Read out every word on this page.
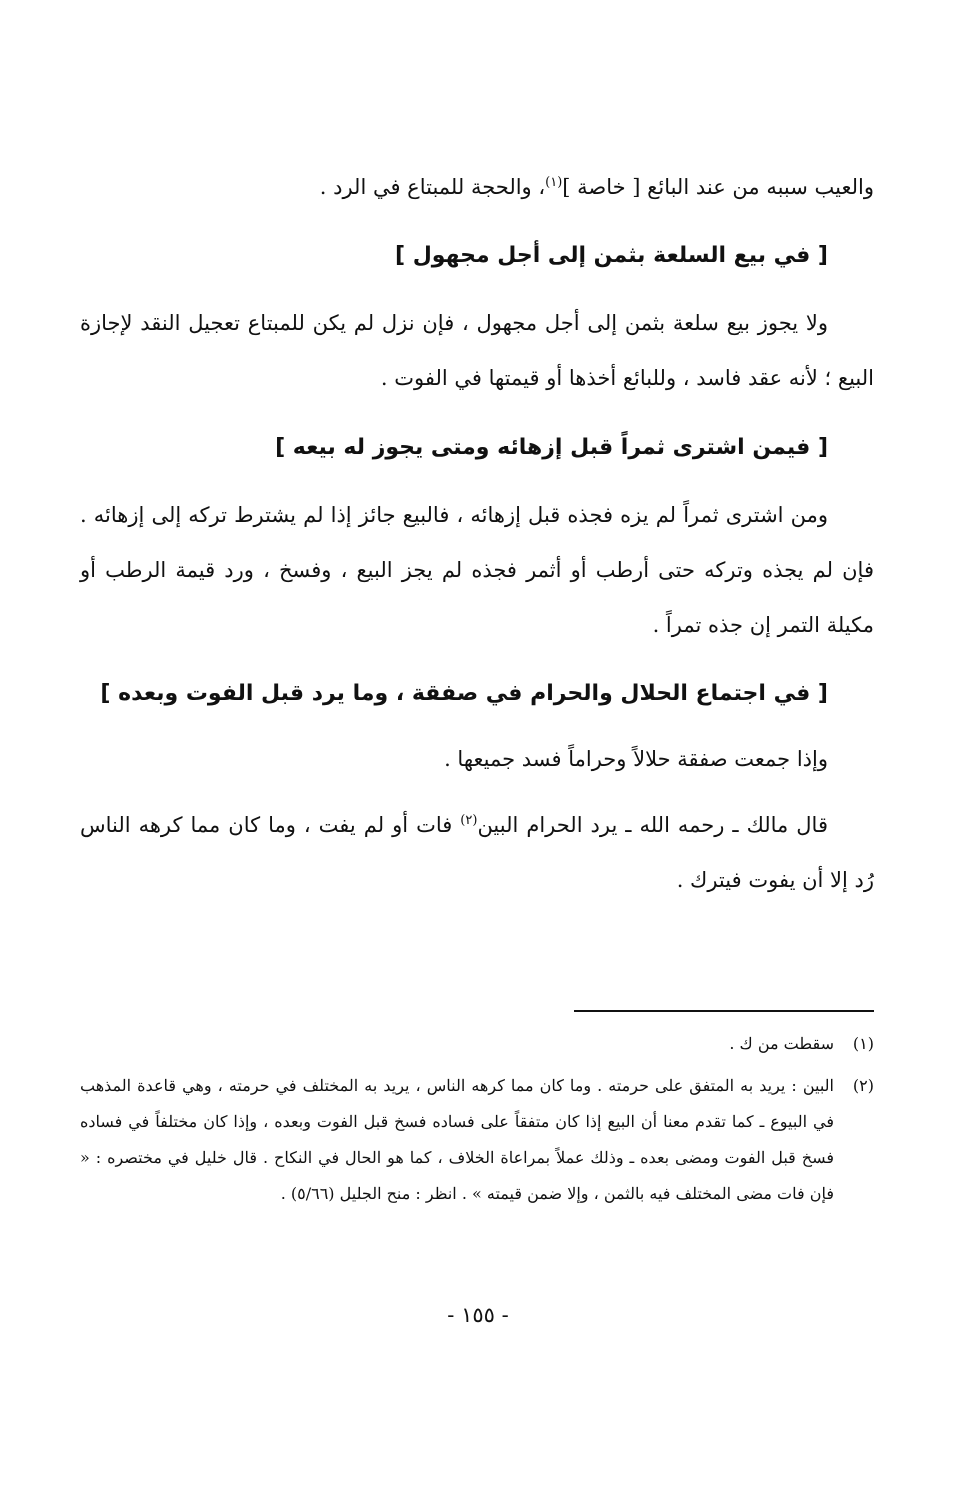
والعيب سببه من عند البائع [ خاصة ]$^{(١)}$، والحجة للمبتاع في الرد .
[ في بيع السلعة بثمن إلى أجل مجهول ]
ولا يجوز بيع سلعة بثمن إلى أجل مجهول ، فإن نزل لم يكن للمبتاع تعجيل النقد لإجازة البيع ؛ لأنه عقد فاسد ، وللبائع أخذها أو قيمتها في الفوت .
[ فيمن اشترى ثمراً قبل إزهائه ومتى يجوز له بيعه ]
ومن اشترى ثمراً لم يزه فجذه قبل إزهائه ، فالبيع جائز إذا لم يشترط تركه إلى إزهائه . فإن لم يجذه وتركه حتى أرطب أو أثمر فجذه لم يجز البيع ، وفسخ ، ورد قيمة الرطب أو مكيلة التمر إن جذه تمراً .
[ في اجتماع الحلال والحرام في صفقة ، وما يرد قبل الفوت وبعده ]
وإذا جمعت صفقة حلالاً وحراماً فسد جميعها .
قال مالك ـ رحمه الله ـ يرد الحرام البين$^{(٢)}$ فات أو لم يفت ، وما كان مما كرهه الناس رُد إلا أن يفوت فيترك .
(١)
سقطت من ك .
(٢)
البين : يريد به المتفق على حرمته . وما كان مما كرهه الناس ، يريد به المختلف في حرمته ، وهي قاعدة المذهب في البيوع ـ كما تقدم معنا أن البيع إذا كان متفقاً على فساده فسخ قبل الفوت وبعده ، وإذا كان مختلفاً في فساده فسخ قبل الفوت ومضى بعده ـ وذلك عملاً بمراعاة الخلاف ، كما هو الحال في النكاح . قال خليل في مختصره : « فإن فات مضى المختلف فيه بالثمن ، وإلا ضمن قيمته » . انظر : منح الجليل (٥/٦٦) .
- ١٥٥ -
